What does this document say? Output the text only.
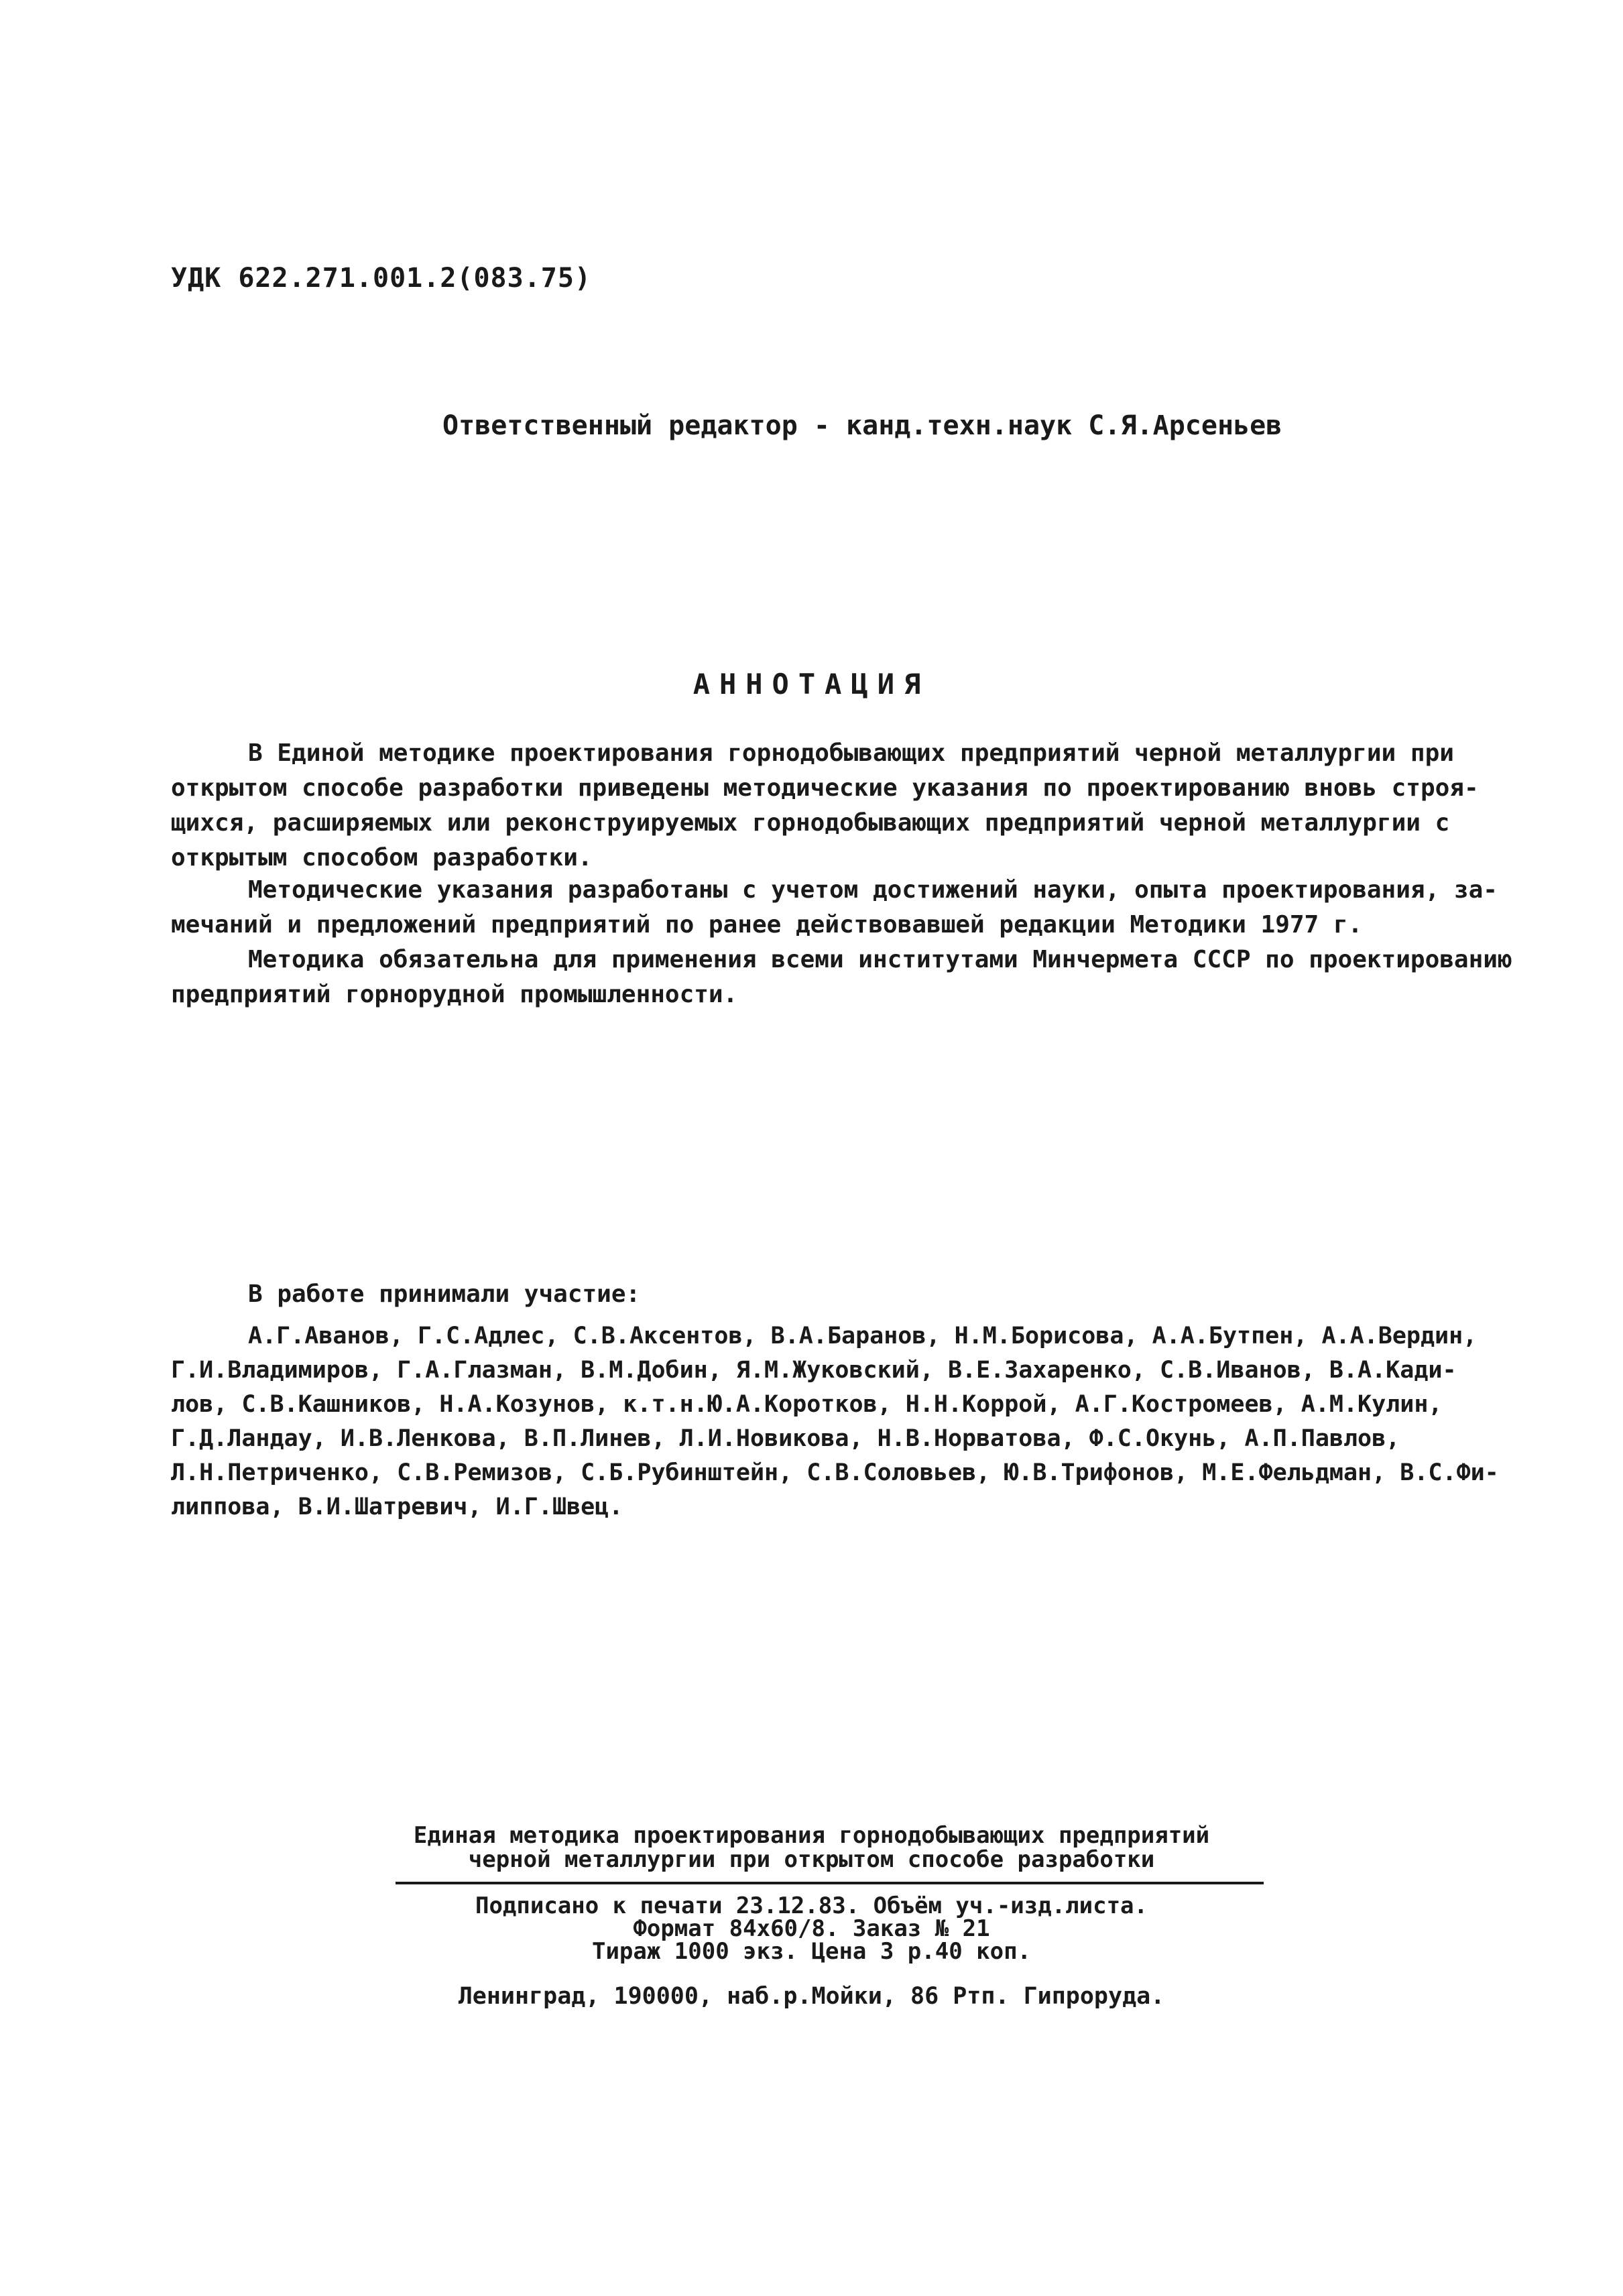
УДК 622.271.001.2(083.75)
Ответственный редактор - канд.техн.наук С.Я.Арсеньев
АННОТАЦИЯ
В Единой методике проектирования горнодобывающих предприятий черной металлургии при
открытом способе разработки приведены методические указания по проектированию вновь строя-
щихся, расширяемых или реконструируемых горнодобывающих предприятий черной металлургии с
открытым способом разработки.
Методические указания разработаны с учетом достижений науки, опыта проектирования, за-
мечаний и предложений предприятий по ранее действовавшей редакции Методики 1977 г.
Методика обязательна для применения всеми институтами Минчермета СССР по проектированию
предприятий горнорудной промышленности.
В работе принимали участие:
А.Г.Аванов, Г.С.Адлес, С.В.Аксентов, В.А.Баранов, Н.М.Борисова, А.А.Бутпен, А.А.Вердин,
Г.И.Владимиров, Г.А.Глазман, В.М.Добин, Я.М.Жуковский, В.Е.Захаренко, С.В.Иванов, В.А.Кади-
лов, С.В.Кашников, Н.А.Козунов, к.т.н.Ю.А.Коротков, Н.Н.Коррой, А.Г.Костромеев, А.М.Кулин,
Г.Д.Ландау, И.В.Ленкова, В.П.Линев, Л.И.Новикова, Н.В.Норватова, Ф.С.Окунь, А.П.Павлов,
Л.Н.Петриченко, С.В.Ремизов, С.Б.Рубинштейн, С.В.Соловьев, Ю.В.Трифонов, М.Е.Фельдман, В.С.Фи-
липпова, В.И.Шатревич, И.Г.Швец.
Единая методика проектирования горнодобывающих предприятий
черной металлургии при открытом способе разработки
Подписано к печати 23.12.83. Объём уч.-изд.листа.
Формат 84x60/8. Заказ № 21
Тираж 1000 экз. Цена 3 р.40 коп.
Ленинград, 190000, наб.р.Мойки, 86 Ртп. Гипроруда.
